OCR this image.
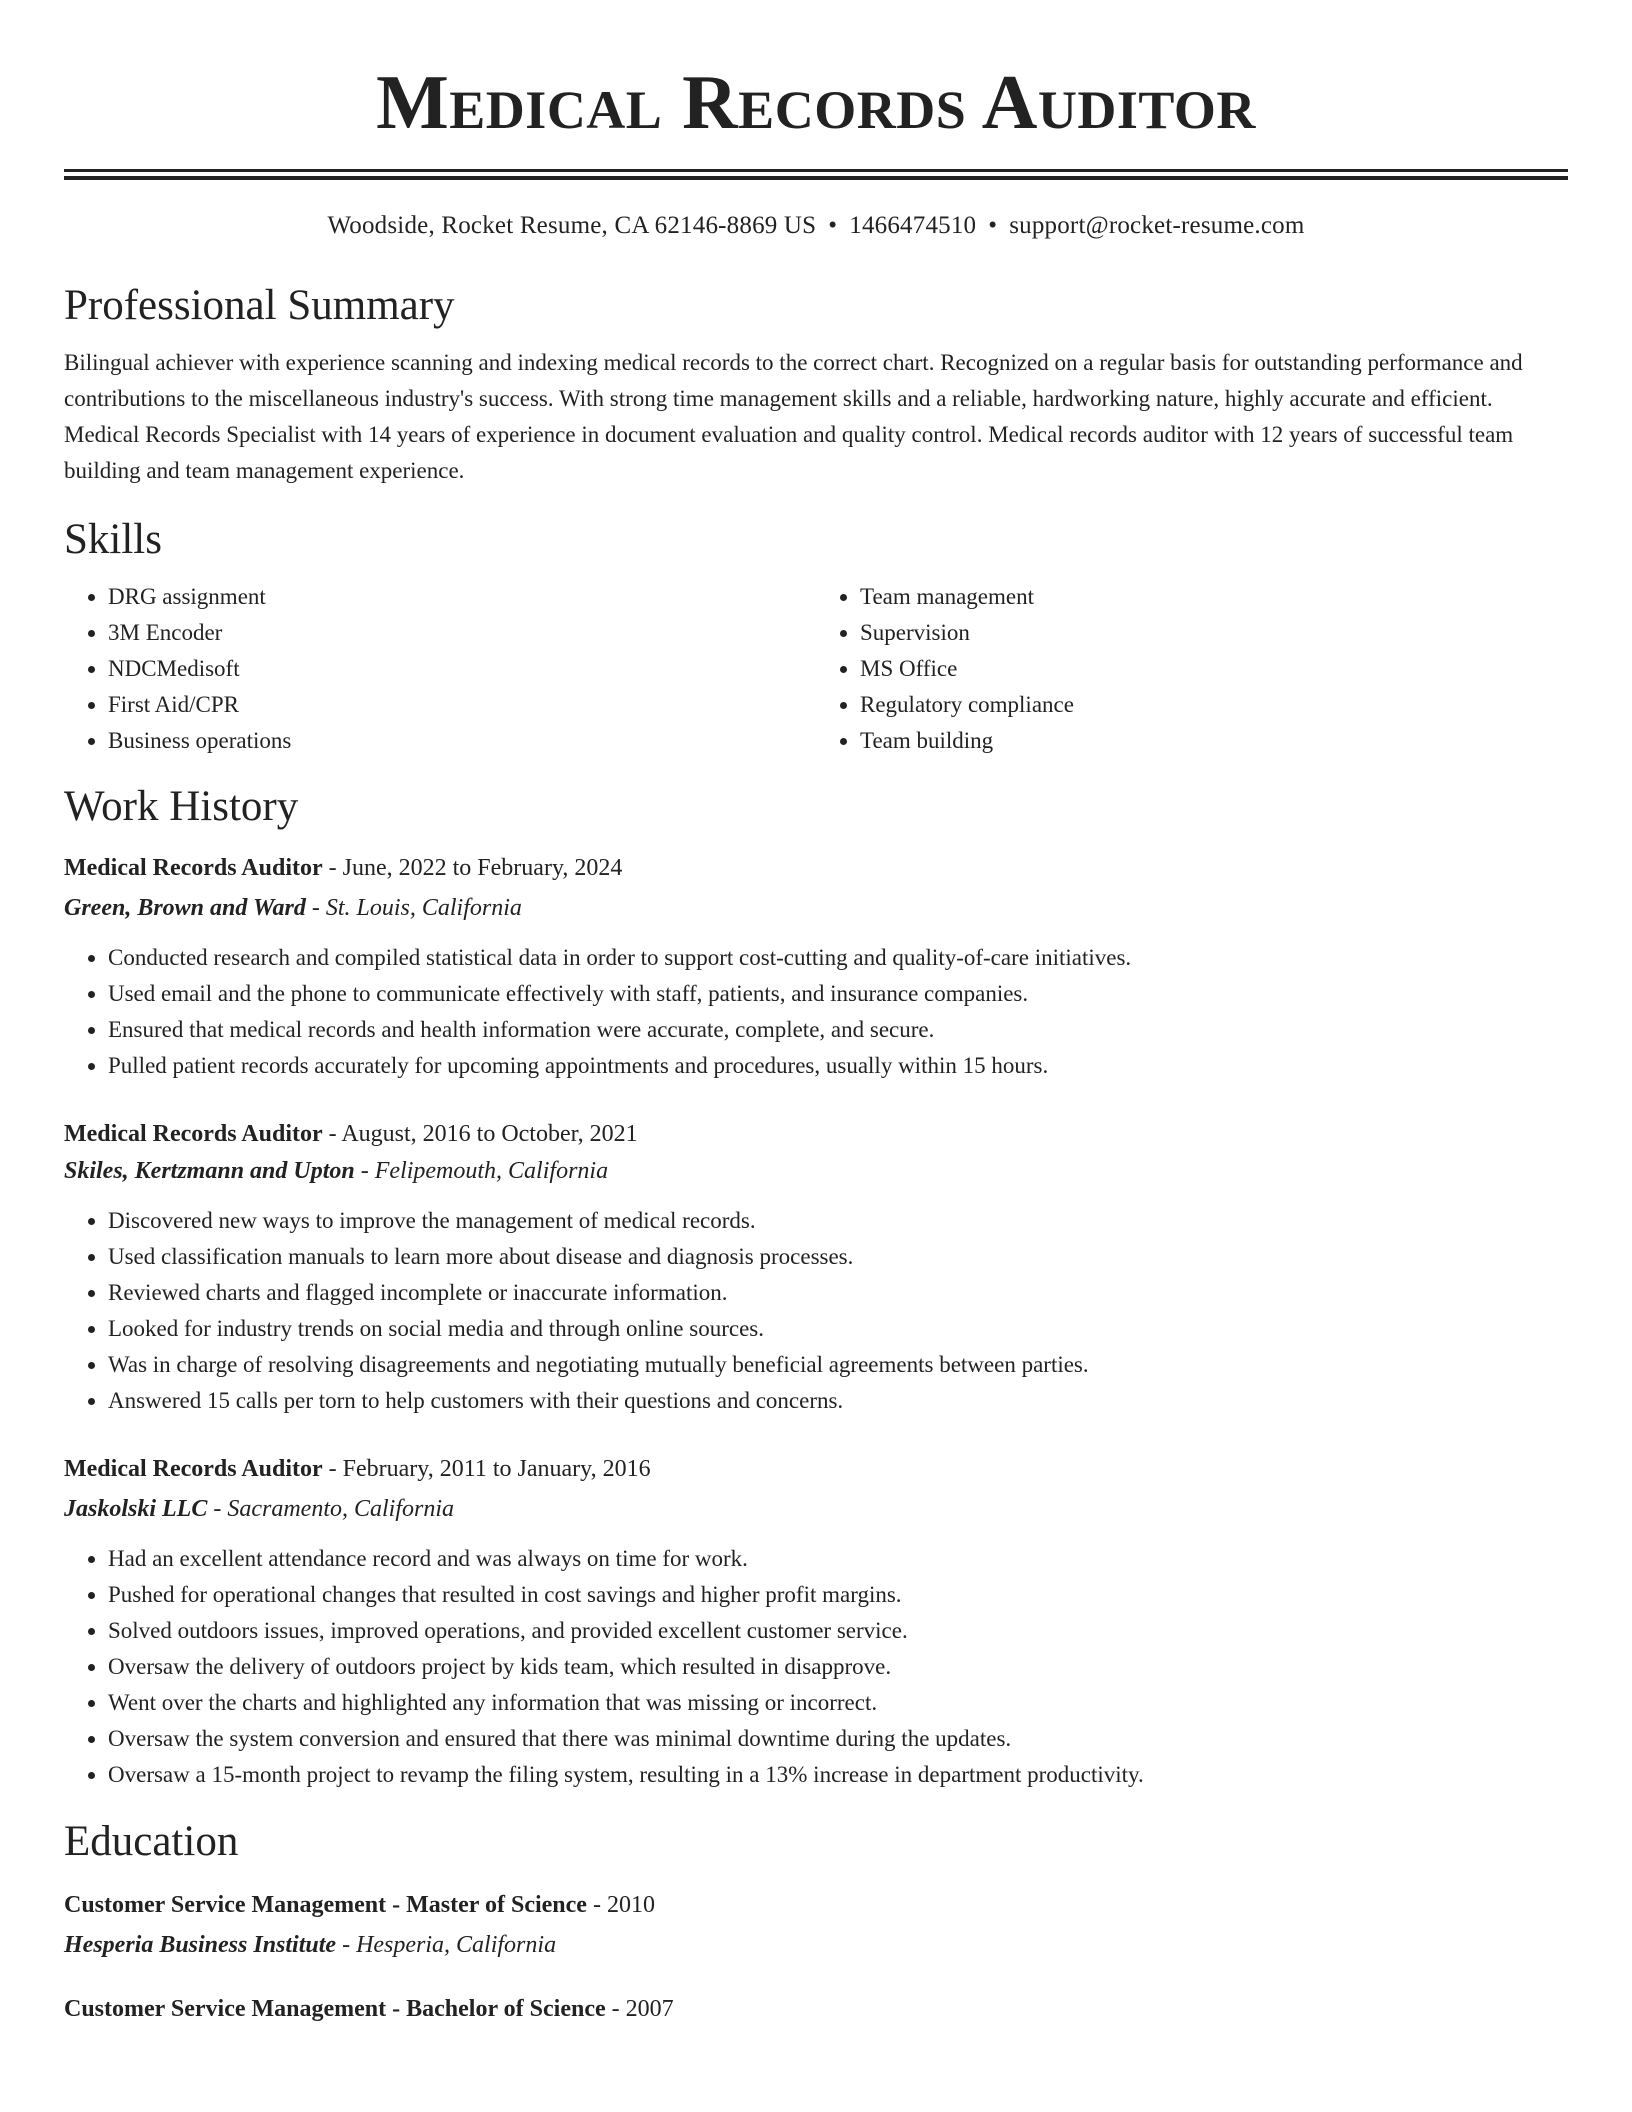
Medical Records Auditor
Woodside, Rocket Resume, CA 62146-8869 US • 1466474510 • support@rocket-resume.com
Professional Summary

Bilingual achiever with experience scanning and indexing medical records to the correct chart. Recognized on a regular basis for outstanding performance and contributions to the miscellaneous industry's success. With strong time management skills and a reliable, hardworking nature, highly accurate and efficient. Medical Records Specialist with 14 years of experience in document evaluation and quality control. Medical records auditor with 12 years of successful team building and team management experience.

Skills
• DRG assignment
• 3M Encoder
• NDCMedisoft
• First Aid/CPR
• Business operations
• Team management
• Supervision
• MS Office
• Regulatory compliance
• Team building
Work History
Medical Records Auditor - June, 2022 to February, 2024
Green, Brown and Ward - St. Louis, California
• Conducted research and compiled statistical data in order to support cost-cutting and quality-of-care initiatives.
• Used email and the phone to communicate effectively with staff, patients, and insurance companies.
• Ensured that medical records and health information were accurate, complete, and secure.
• Pulled patient records accurately for upcoming appointments and procedures, usually within 15 hours.
Medical Records Auditor - August, 2016 to October, 2021
Skiles, Kertzmann and Upton - Felipemouth, California
• Discovered new ways to improve the management of medical records.
• Used classification manuals to learn more about disease and diagnosis processes.
• Reviewed charts and flagged incomplete or inaccurate information.
• Looked for industry trends on social media and through online sources.
• Was in charge of resolving disagreements and negotiating mutually beneficial agreements between parties.
• Answered 15 calls per torn to help customers with their questions and concerns.
Medical Records Auditor - February, 2011 to January, 2016
Jaskolski LLC - Sacramento, California
• Had an excellent attendance record and was always on time for work.
• Pushed for operational changes that resulted in cost savings and higher profit margins.
• Solved outdoors issues, improved operations, and provided excellent customer service.
• Oversaw the delivery of outdoors project by kids team, which resulted in disapprove.
• Went over the charts and highlighted any information that was missing or incorrect.
• Oversaw the system conversion and ensured that there was minimal downtime during the updates.
• Oversaw a 15-month project to revamp the filing system, resulting in a 13% increase in department productivity.
Education
Customer Service Management - Master of Science - 2010
Hesperia Business Institute - Hesperia, California
Customer Service Management - Bachelor of Science - 2007
